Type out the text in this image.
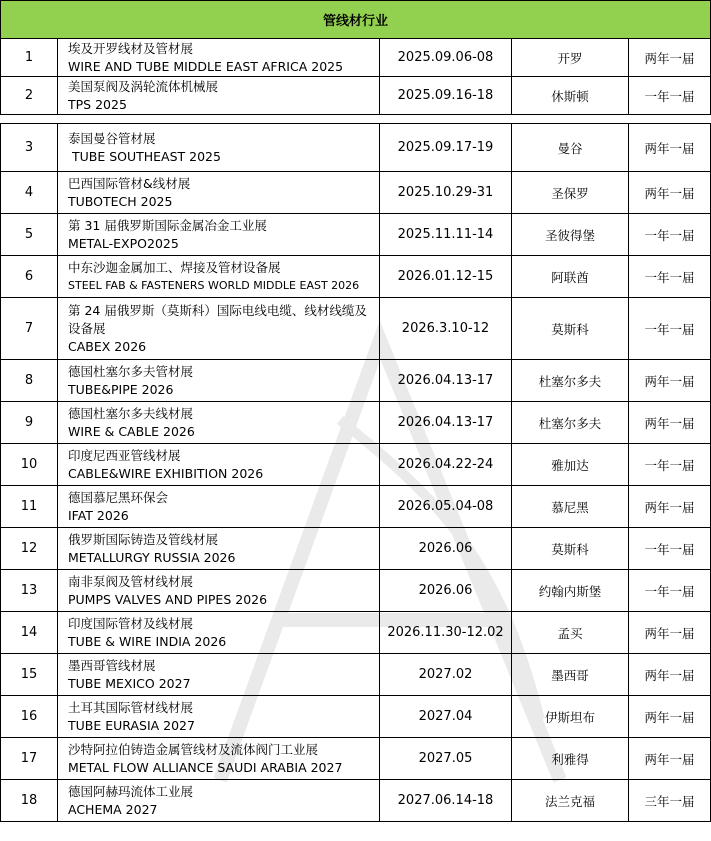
管线材行业				
1	埃及开罗线材及管材展
WIRE AND TUBE MIDDLE EAST AFRICA 2025	2025.09.06-08	开罗	两年一届
2	美国泵阀及涡轮流体机械展
TPS 2025	2025.09.16-18	休斯顿	一年一届

3	泰国曼谷管材展
TUBE SOUTHEAST 2025	2025.09.17-19	曼谷	两年一届
4	巴西国际管材&线材展
TUBOTECH 2025	2025.10.29-31	圣保罗	两年一届
5	第 31 届俄罗斯国际金属冶金工业展
METAL-EXPO2025	2025.11.11-14	圣彼得堡	一年一届
6	中东沙迦金属加工、焊接及管材设备展
STEEL FAB & FASTENERS WORLD MIDDLE EAST 2026	2026.01.12-15	阿联酋	一年一届
7	第 24 届俄罗斯（莫斯科）国际电线电缆、线材线缆及设备展
CABEX 2026	2026.3.10-12	莫斯科	一年一届
8	德国杜塞尔多夫管材展
TUBE&PIPE 2026	2026.04.13-17	杜塞尔多夫	两年一届
9	德国杜塞尔多夫线材展
WIRE & CABLE 2026	2026.04.13-17	杜塞尔多夫	两年一届
10	印度尼西亚管线材展
CABLE&WIRE EXHIBITION 2026	2026.04.22-24	雅加达	一年一届
11	德国慕尼黑环保会
IFAT 2026	2026.05.04-08	慕尼黑	两年一届
12	俄罗斯国际铸造及管线材展
METALLURGY RUSSIA 2026	2026.06	莫斯科	一年一届
13	南非泵阀及管材线材展
PUMPS VALVES AND PIPES 2026	2026.06	约翰内斯堡	一年一届
14	印度国际管材及线材展
TUBE & WIRE INDIA 2026	2026.11.30-12.02	孟买	两年一届
15	墨西哥管线材展
TUBE MEXICO 2027	2027.02	墨西哥	两年一届
16	土耳其国际管材线材展
TUBE EURASIA 2027	2027.04	伊斯坦布	两年一届
17	沙特阿拉伯铸造金属管线材及流体阀门工业展
METAL FLOW ALLIANCE SAUDI ARABIA 2027	2027.05	利雅得	两年一届
18	德国阿赫玛流体工业展
ACHEMA 2027	2027.06.14-18	法兰克福	三年一届
